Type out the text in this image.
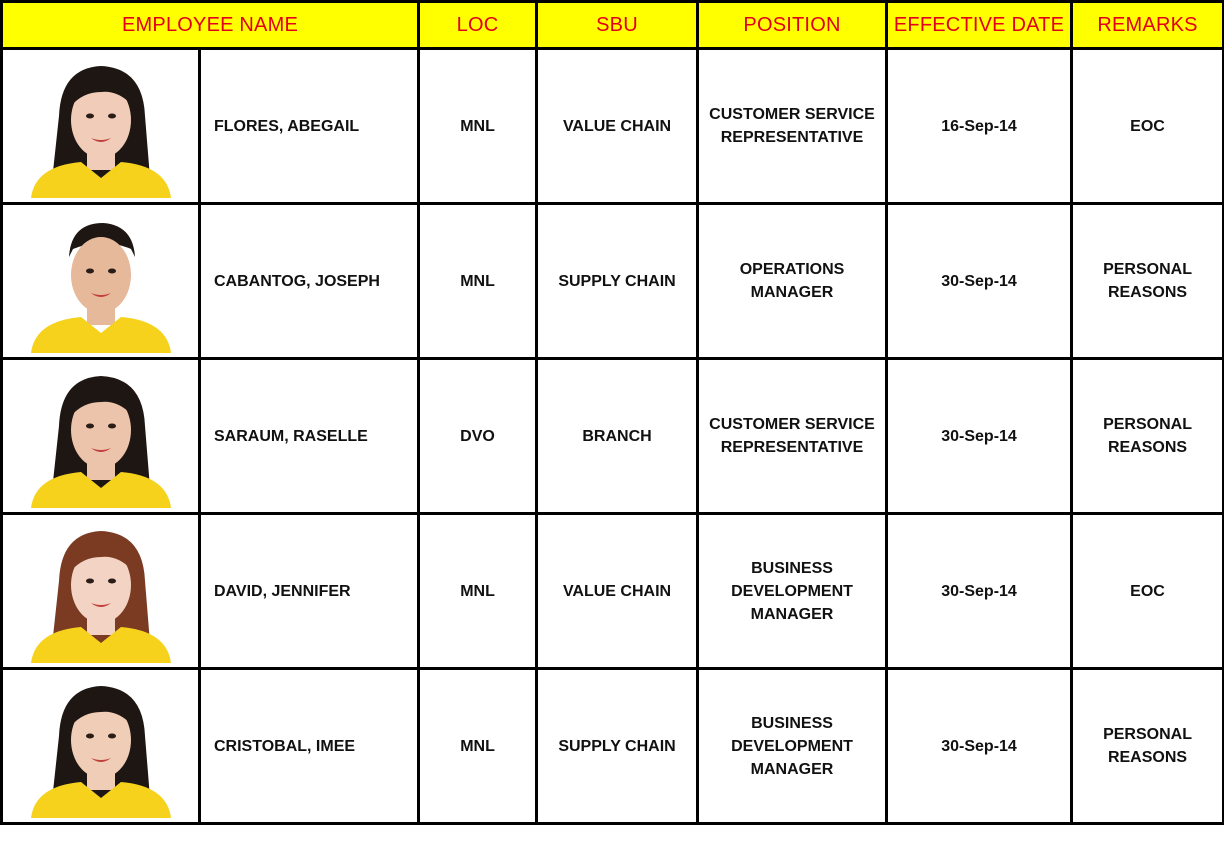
EMPLOYEE NAME		LOC	SBU	POSITION	EFFECTIVE DATE	REMARKS

	FLORES, ABEGAIL	MNL	VALUE CHAIN	CUSTOMER SERVICE
REPRESENTATIVE	16-Sep-14	EOC

	CABANTOG, JOSEPH	MNL	SUPPLY CHAIN	OPERATIONS
MANAGER	30-Sep-14	PERSONAL
REASONS

	SARAUM, RASELLE	DVO	BRANCH	CUSTOMER SERVICE
REPRESENTATIVE	30-Sep-14	PERSONAL
REASONS

	DAVID, JENNIFER	MNL	VALUE CHAIN	BUSINESS
DEVELOPMENT
MANAGER	30-Sep-14	EOC

	CRISTOBAL, IMEE	MNL	SUPPLY CHAIN	BUSINESS
DEVELOPMENT
MANAGER	30-Sep-14	PERSONAL
REASONS
